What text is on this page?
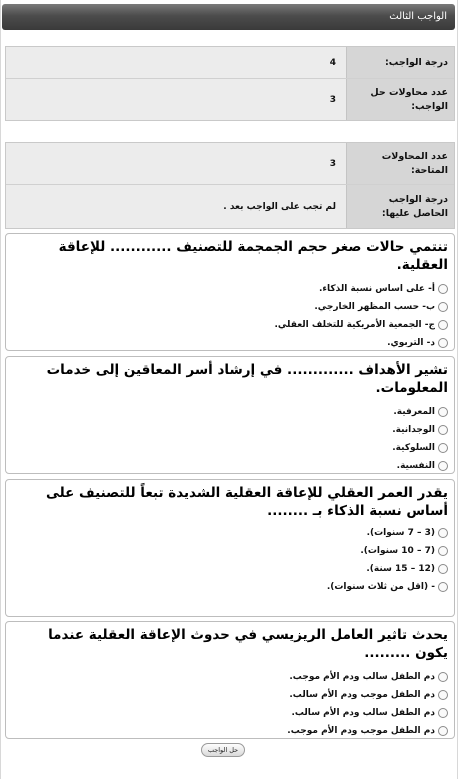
الواجب الثالث
درجة الواجب:
4
عدد محاولات حل الواجب:
3
عدد المحاولات المتاحة:
3
درجة الواجب الحاصل عليها:
لم تجب على الواجب بعد .
تنتمي حالات صغر حجم الجمجمة للتصنيف ............ للإعاقة العقلية.
أ- على اساس نسبة الذكاء.
ب- حسب المظهر الخارجي.
ج- الجمعية الأمريكية للتخلف العقلي.
د- التربوي.
تشير الأهداف ............. في إرشاد أسر المعاقين إلى خدمات المعلومات.
المعرفية.
الوجدانية.
السلوكية.
النفسية.
يقدر العمر العقلي للإعاقة العقلية الشديدة تبعاً للتصنيف على أساس نسبة الذكاء بـ ........
(3 – 7 سنوات).
(7 – 10 سنوات).
(12 – 15 سنة).
- (اقل من ثلاث سنوات).
يحدث تاثير العامل الريزيسي في حدوث الإعاقة العقلية عندما يكون .........
دم الطفل سالب ودم الأم موجب.
دم الطفل موجب ودم الأم سالب.
دم الطفل سالب ودم الأم سالب.
دم الطفل موجب ودم الأم موجب.
حل الواجب
